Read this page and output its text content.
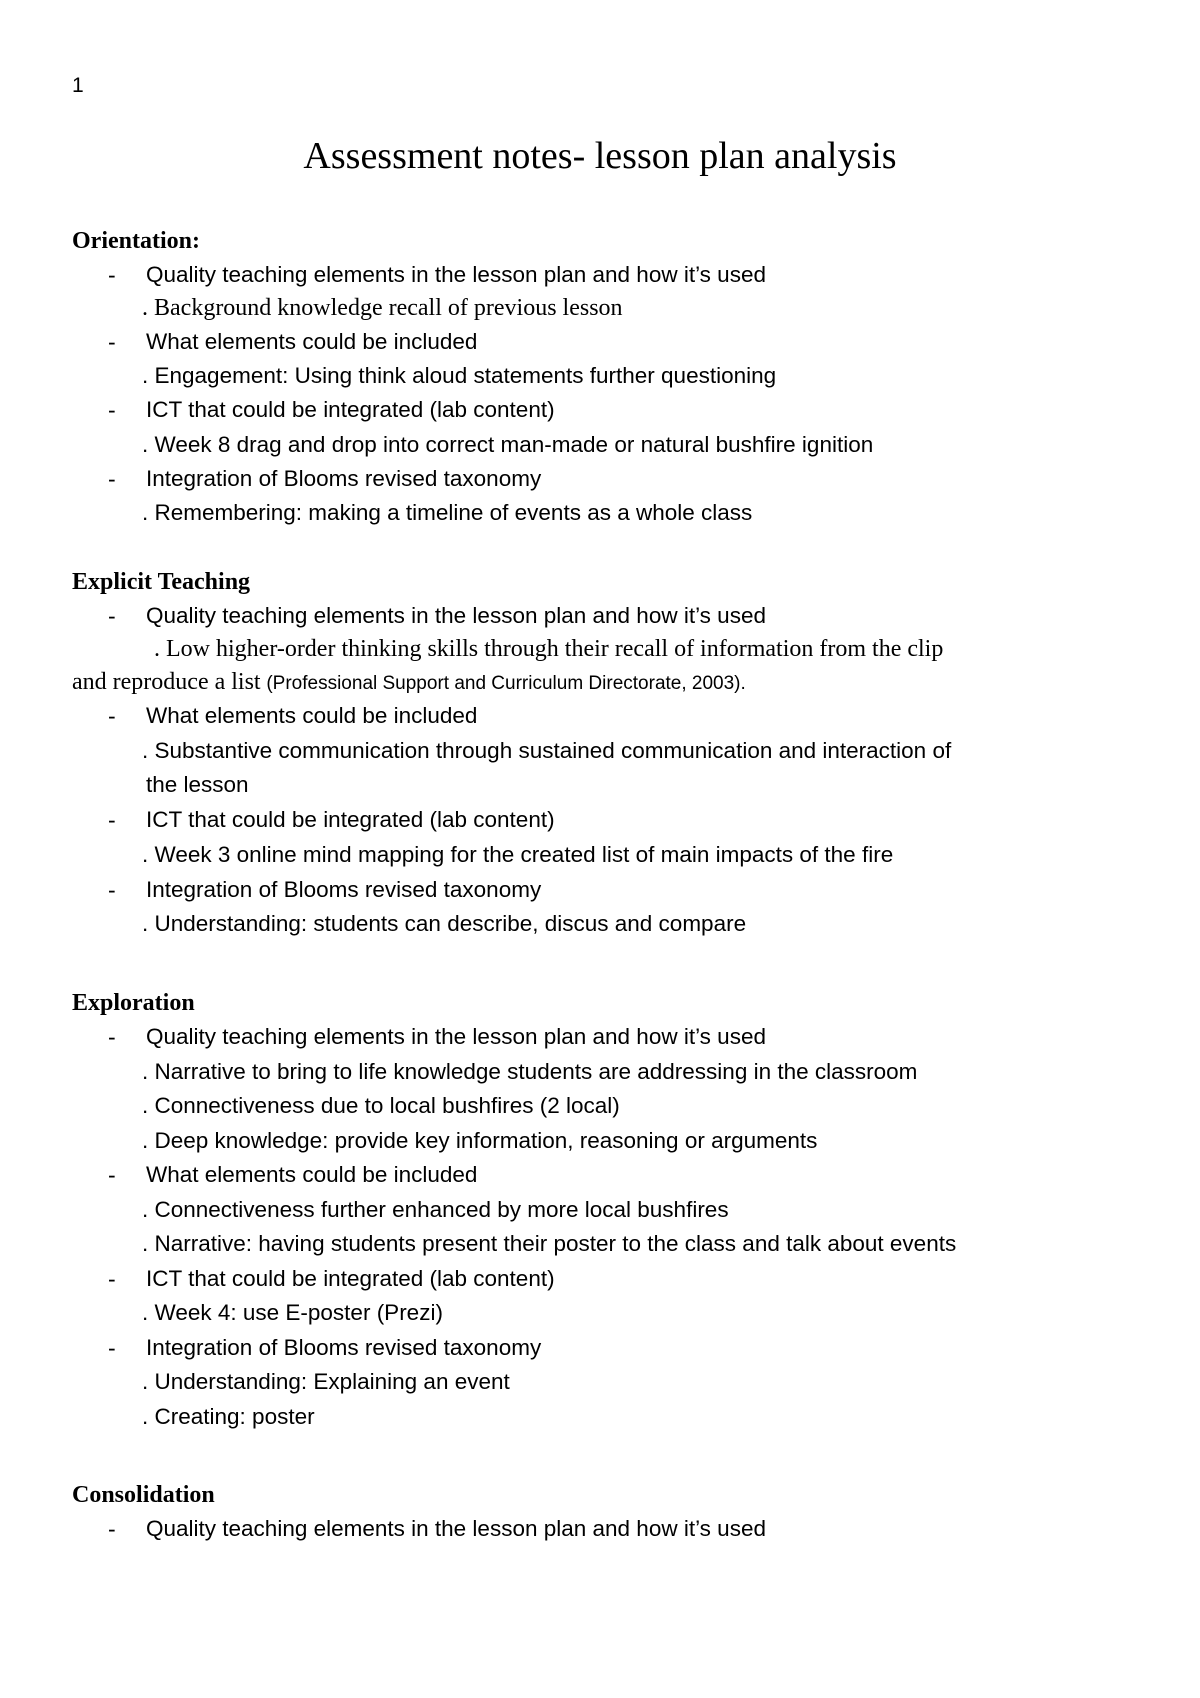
1
Assessment notes- lesson plan analysis
Orientation:
- Quality teaching elements in the lesson plan and how it’s used
. Background knowledge recall of previous lesson
- What elements could be included
. Engagement: Using think aloud statements further questioning
- ICT that could be integrated (lab content)
. Week 8 drag and drop into correct man-made or natural bushfire ignition
- Integration of Blooms revised taxonomy
. Remembering: making a timeline of events as a whole class
Explicit Teaching
- Quality teaching elements in the lesson plan and how it’s used
. Low higher-order thinking skills through their recall of information from the clip
and reproduce a list (Professional Support and Curriculum Directorate, 2003).
- What elements could be included
. Substantive communication through sustained communication and interaction of
the lesson
- ICT that could be integrated (lab content)
. Week 3 online mind mapping for the created list of main impacts of the fire
- Integration of Blooms revised taxonomy
. Understanding: students can describe, discus and compare
Exploration
- Quality teaching elements in the lesson plan and how it’s used
. Narrative to bring to life knowledge students are addressing in the classroom
. Connectiveness due to local bushfires (2 local)
. Deep knowledge: provide key information, reasoning or arguments
- What elements could be included
. Connectiveness further enhanced by more local bushfires
. Narrative: having students present their poster to the class and talk about events
- ICT that could be integrated (lab content)
. Week 4: use E-poster (Prezi)
- Integration of Blooms revised taxonomy
. Understanding: Explaining an event
. Creating: poster
Consolidation
- Quality teaching elements in the lesson plan and how it’s used
